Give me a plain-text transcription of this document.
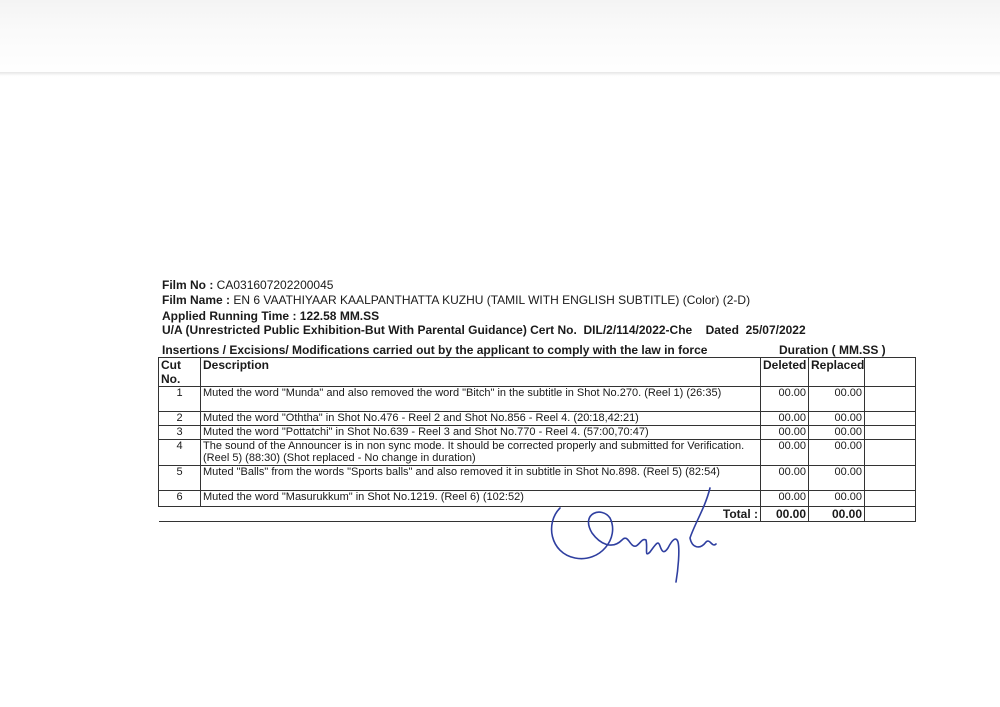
Film No : CA031607202200045
Film Name : EN 6 VAATHIYAAR KAALPANTHATTA KUZHU (TAMIL WITH ENGLISH SUBTITLE) (Color) (2-D)
Applied Running Time : 122.58 MM.SS
U/A (Unrestricted Public Exhibition-But With Parental Guidance) Cert No. DIL/2/114/2022-Che Dated 25/07/2022
Insertions / Excisions/ Modifications carried out by the applicant to comply with the law in force	Duration ( MM.SS )
Cut No.	Description	Deleted	Replaced	
1	Muted the word "Munda" and also removed the word "Bitch" in the subtitle in Shot No.270. (Reel 1) (26:35)	00.00	00.00	
2	Muted the word "Oththa" in Shot No.476 - Reel 2 and Shot No.856 - Reel 4. (20:18,42:21)	00.00	00.00	
3	Muted the word "Pottatchi" in Shot No.639 - Reel 3 and Shot No.770 - Reel 4. (57:00,70:47)	00.00	00.00	
4	The sound of the Announcer is in non sync mode. It should be corrected properly and submitted for Verification. (Reel 5) (88:30) (Shot replaced - No change in duration)	00.00	00.00	
5	Muted "Balls" from the words "Sports balls" and also removed it in subtitle in Shot No.898. (Reel 5) (82:54)	00.00	00.00	
6	Muted the word "Masurukkum" in Shot No.1219. (Reel 6) (102:52)	00.00	00.00	
Total :		00.00	00.00	
